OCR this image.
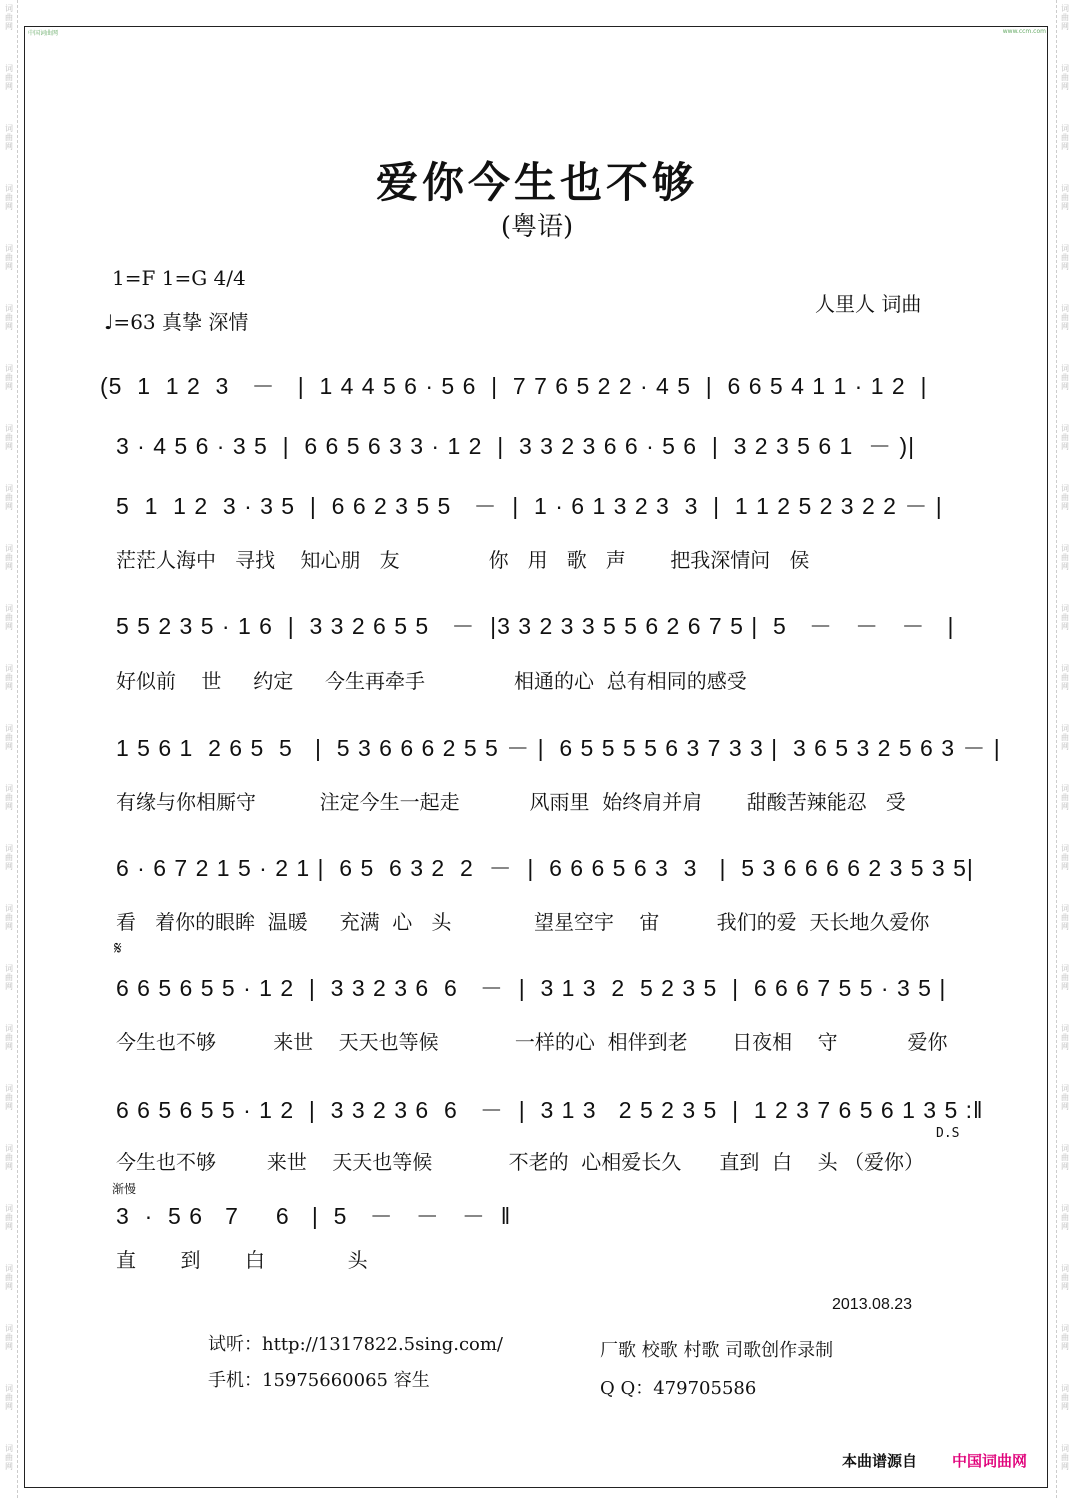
词
曲
网
词
曲
网
词
曲
网
词
曲
网
词
曲
网
词
曲
网
词
曲
网
词
曲
网
词
曲
网
词
曲
网
词
曲
网
词
曲
网
词
曲
网
词
曲
网
词
曲
网
词
曲
网
词
曲
网
词
曲
网
词
曲
网
词
曲
网
词
曲
网
词
曲
网
词
曲
网
词
曲
网
词
曲
网
词
曲
网
词
曲
网
词
曲
网
词
曲
网
词
曲
网
词
曲
网
词
曲
网
词
曲
网
词
曲
网
词
曲
网
词
曲
网
词
曲
网
词
曲
网
词
曲
网
词
曲
网
词
曲
网
词
曲
网
词
曲
网
词
曲
网
词
曲
网
词
曲
网
词
曲
网
词
曲
网
词
曲
网
词
曲
网
中国词曲网	www.ccm.com
爱你今生也不够
(粤语)
1=F 1=G 4/4
♩=63 真挚 深情
人里人 词曲
(5  1  1 2  3   －   |  1 4 4 5 6 · 5 6  |  7 7 6 5 2 2 · 4 5  |  6 6 5 4 1 1 · 1 2  |
3 · 4 5 6 · 3 5  |  6 6 5 6 3 3 · 1 2  |  3 3 2 3 6 6 · 5 6  |  3 2 3 5 6 1  － )|
5  1  1 2  3 · 3 5  |  6 6 2 3 5 5   －  |  1 · 6 1 3 2 3  3  |  1 1 2 5 2 3 2 2 － |
茫茫人海中   寻找    知心朋   友              你   用   歌   声       把我深情问   侯
5 5 2 3 5 · 1 6  |  3 3 2 6 5 5   －  |3 3 2 3 3 5 5 6 2 6 7 5 |  5   －   －   －   |
好似前    世     约定     今生再牵手              相通的心  总有相同的感受
1 5 6 1  2 6 5  5   |  5 3 6 6 6 2 5 5 － |  6 5 5 5 5 6 3 7 3 3 |  3 6 5 3 2 5 6 3 － |
有缘与你相厮守          注定今生一起走           风雨里  始终肩并肩       甜酸苦辣能忍   受
6 · 6 7 2 1 5 · 2 1 |  6 5  6 3 2  2  －  |  6 6 6 5 6 3  3   |  5 3 6 6 6 6 2 3 5 3 5|
看   着你的眼眸  温暖     充满  心   头             望星空宇    宙         我们的爱  天长地久爱你
𝄋
6 6 5 6 5 5 · 1 2  |  3 3 2 3 6  6   －  |  3 1 3  2  5 2 3 5  |  6 6 6 7 5 5 · 3 5 |
今生也不够         来世    天天也等候            一样的心  相伴到老       日夜相    守           爱你
6 6 5 6 5 5 · 1 2  |  3 3 2 3 6  6   －  |  3 1 3   2 5 2 3 5  |  1 2 3 7 6 5 6 1 3 5 :‖
D.S
今生也不够        来世    天天也等候            不老的  心相爱长久      直到  白    头 （爱你）
渐慢
3  ·  5 6   7     6   |  5   －   －   －  ‖
直       到       白             头
2013.08.23
试听：http://1317822.5sing.com/
手机：15975660065 容生
厂歌 校歌 村歌 司歌创作录制
Q Q：479705586
本曲谱源自 中国词曲网
